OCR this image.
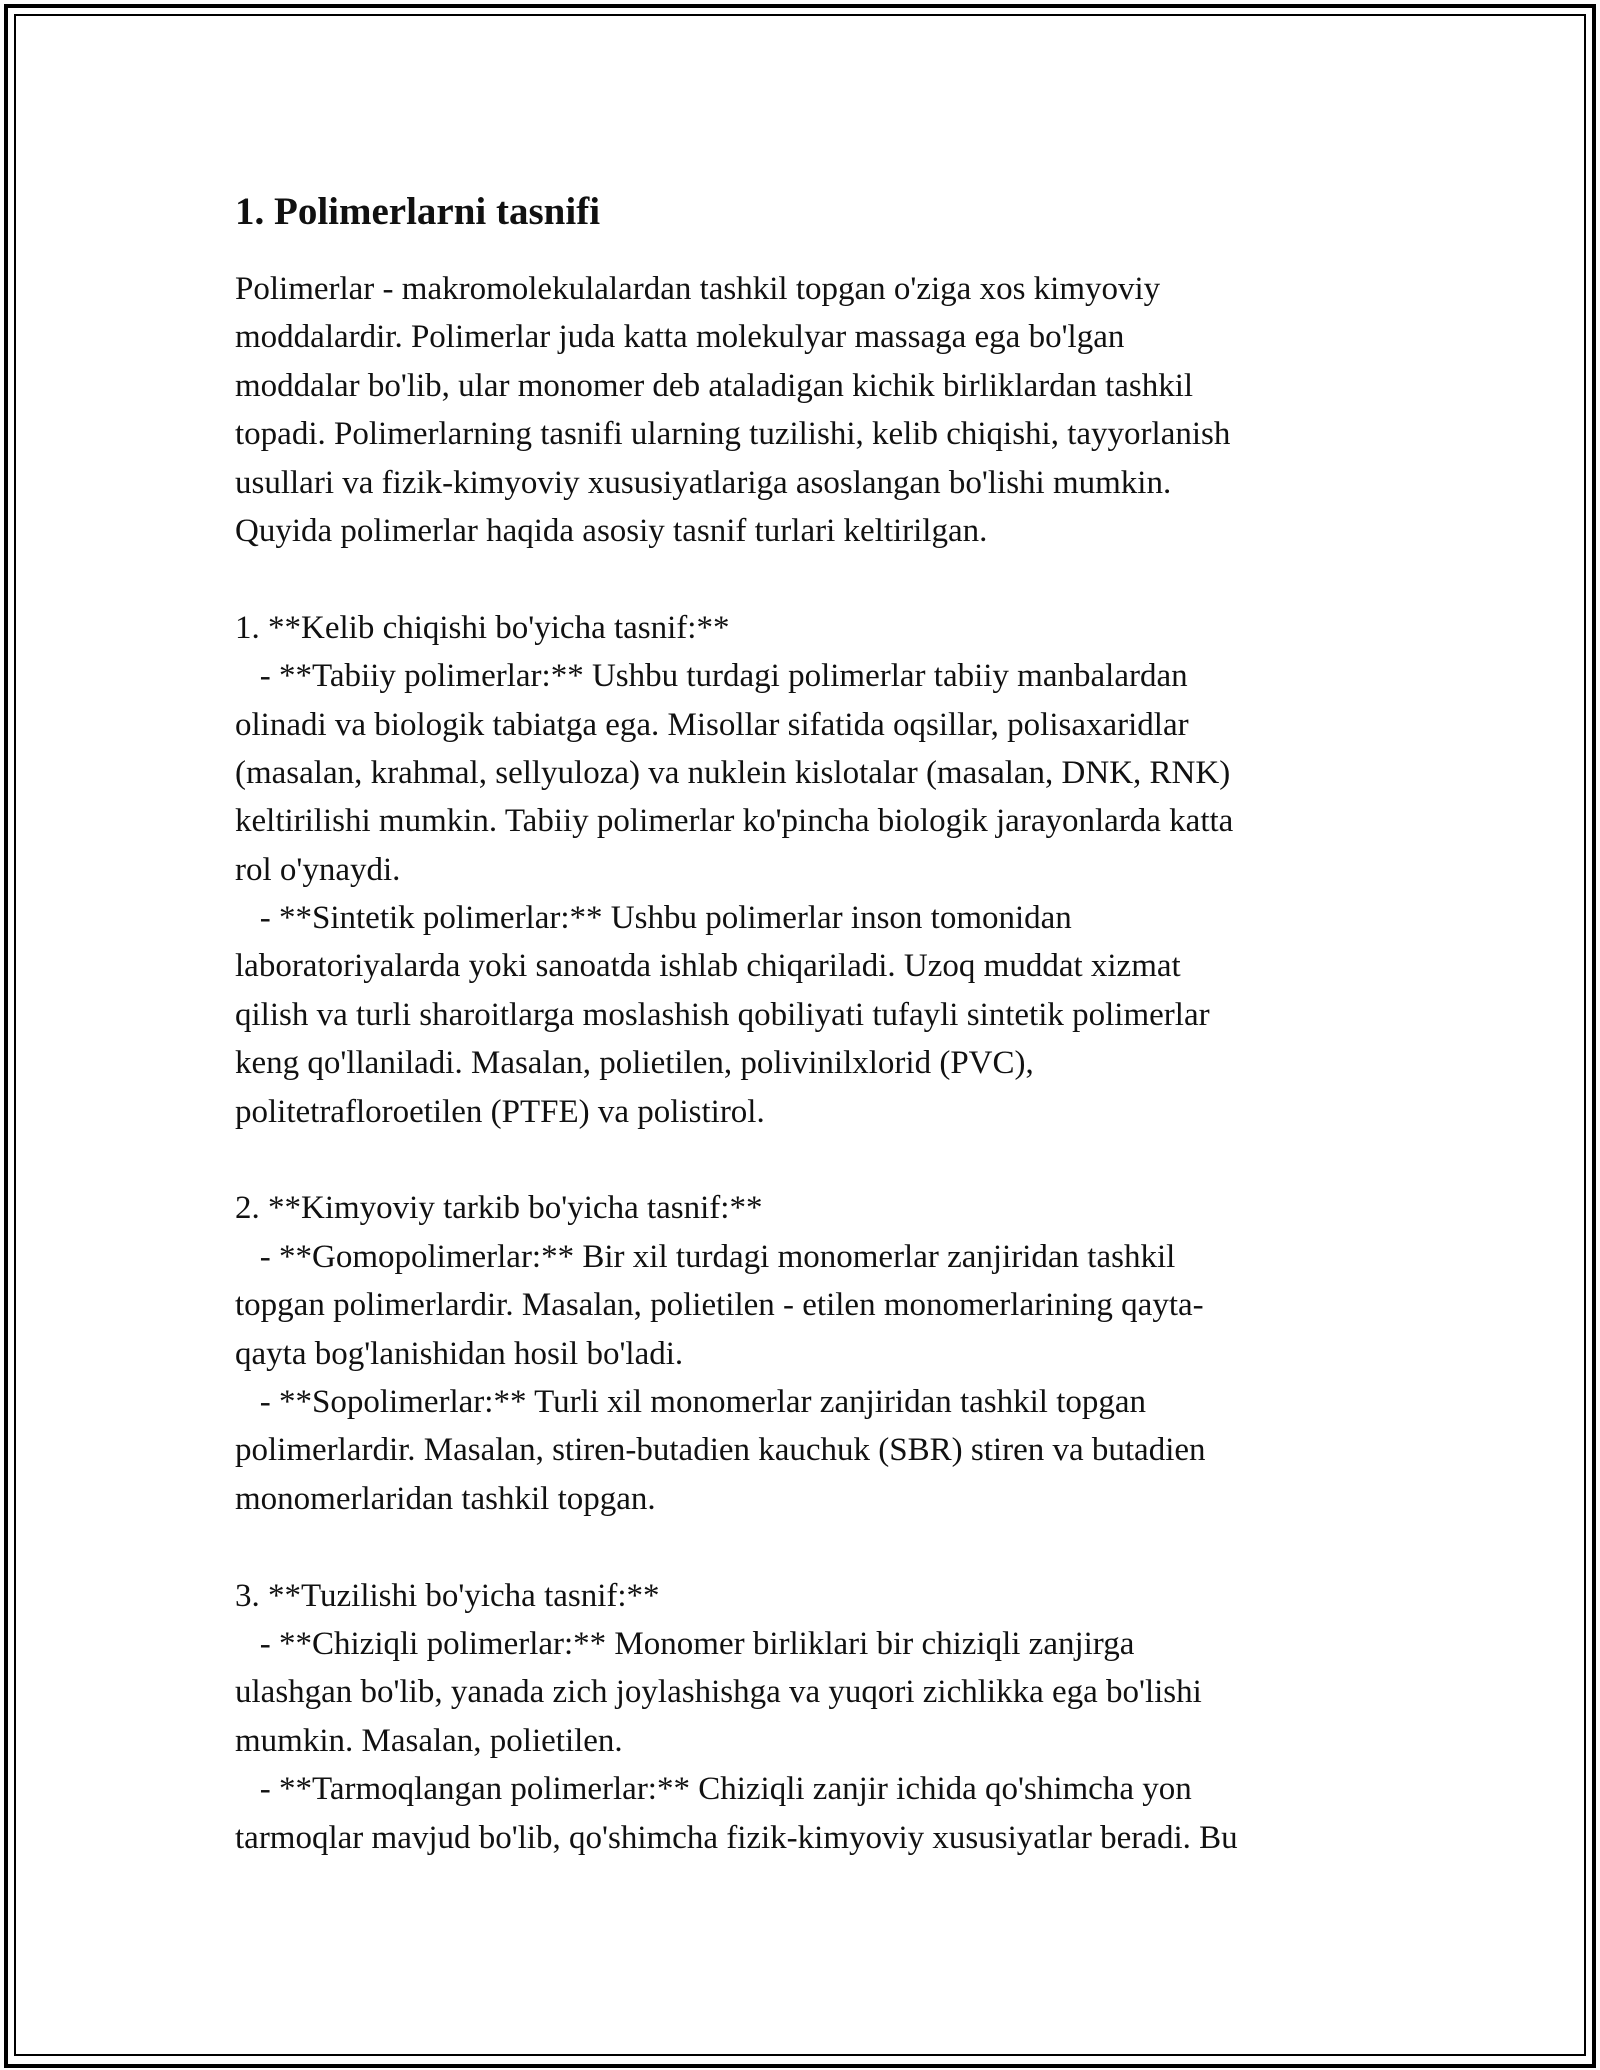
1. Polimerlarni tasnifi
Polimerlar - makromolekulalardan tashkil topgan o'ziga xos kimyoviy
moddalardir. Polimerlar juda katta molekulyar massaga ega bo'lgan
moddalar bo'lib, ular monomer deb ataladigan kichik birliklardan tashkil
topadi. Polimerlarning tasnifi ularning tuzilishi, kelib chiqishi, tayyorlanish
usullari va fizik-kimyoviy xususiyatlariga asoslangan bo'lishi mumkin.
Quyida polimerlar haqida asosiy tasnif turlari keltirilgan.
1. **Kelib chiqishi bo'yicha tasnif:**
- **Tabiiy polimerlar:** Ushbu turdagi polimerlar tabiiy manbalardan
olinadi va biologik tabiatga ega. Misollar sifatida oqsillar, polisaxaridlar
(masalan, krahmal, sellyuloza) va nuklein kislotalar (masalan, DNK, RNK)
keltirilishi mumkin. Tabiiy polimerlar ko'pincha biologik jarayonlarda katta
rol o'ynaydi.
- **Sintetik polimerlar:** Ushbu polimerlar inson tomonidan
laboratoriyalarda yoki sanoatda ishlab chiqariladi. Uzoq muddat xizmat
qilish va turli sharoitlarga moslashish qobiliyati tufayli sintetik polimerlar
keng qo'llaniladi. Masalan, polietilen, polivinilxlorid (PVC),
politetrafloroetilen (PTFE) va polistirol.
2. **Kimyoviy tarkib bo'yicha tasnif:**
- **Gomopolimerlar:** Bir xil turdagi monomerlar zanjiridan tashkil
topgan polimerlardir. Masalan, polietilen - etilen monomerlarining qayta-
qayta bog'lanishidan hosil bo'ladi.
- **Sopolimerlar:** Turli xil monomerlar zanjiridan tashkil topgan
polimerlardir. Masalan, stiren-butadien kauchuk (SBR) stiren va butadien
monomerlaridan tashkil topgan.
3. **Tuzilishi bo'yicha tasnif:**
- **Chiziqli polimerlar:** Monomer birliklari bir chiziqli zanjirga
ulashgan bo'lib, yanada zich joylashishga va yuqori zichlikka ega bo'lishi
mumkin. Masalan, polietilen.
- **Tarmoqlangan polimerlar:** Chiziqli zanjir ichida qo'shimcha yon
tarmoqlar mavjud bo'lib, qo'shimcha fizik-kimyoviy xususiyatlar beradi. Bu
